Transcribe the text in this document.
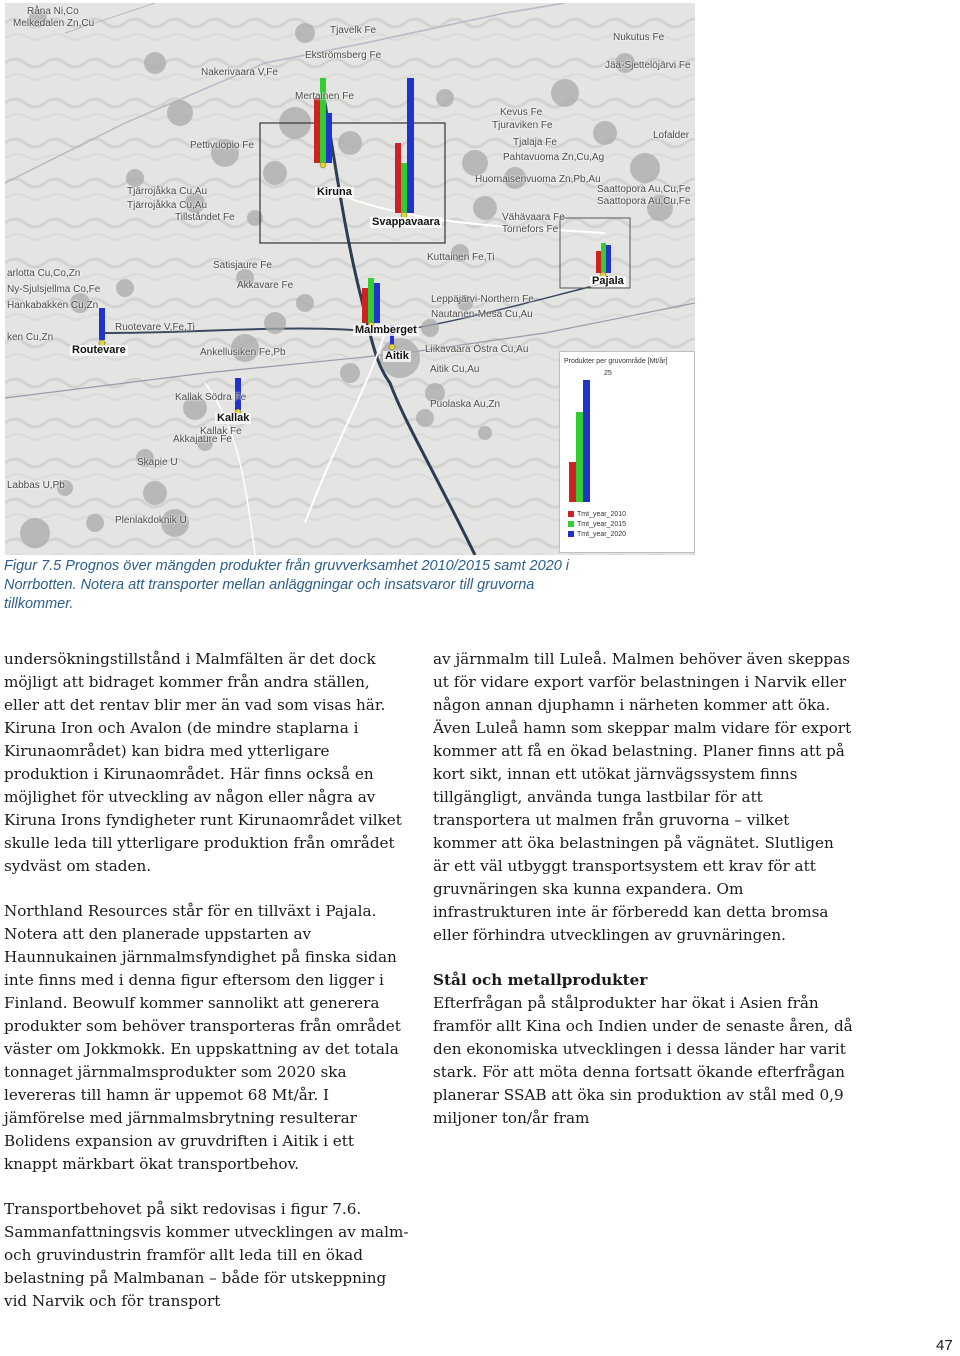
Råna Ni,Co
Melkedalen Zn,Cu
Tjavelk Fe
Nakerivaara V,Fe
Pettivuopio Fe
Tjärrojåkka Cu,Au
Tjärrojåkka Cu,Au
Tillståndet Fe
Kiruna
Svappavaara
Pajala
Routevare
Malmberget
Aitik
Kallak
Satisjaure Fe
Akkavare Fe
arlotta Cu,Co,Zn
Ny-Sjulsjellma Co,Fe
Hankabakken Cu,Zn
ken Cu,Zn
Ruotevare V,Fe,Ti
Ankellusiken Fe,Pb
Kallak Södra Fe
Akkajaure Fe
Skapie U
Labbas U,Pb
Plenlakdoknik U
Kevus Fe
Tjuraviken Fe
Tjalaja Fe
Pahtavuoma Zn,Cu,Ag
Huornaisenvuoma Zn,Pb,Au
Saattopora Au,Cu,Fe
Saattopora Au,Cu,Fe
Vähävaara Fe
Tornefors Fe
Leppäjärvi-Northern Fe
Nautanen-Mesa Cu,Au
Liikavaara Östra Cu,Au
Aitik Cu,Au
Puolaska Au,Zn
Mertainen Fe
Ekströmsberg Fe
Jää-Sjettelöjärvi Fe
Nukutus Fe
Lofalder
Kuttainen Fe,Ti
Kallak Fe
Produkter per gruvområde [Mt/år]
25
Tmt_year_2010
Tmt_year_2015
Tmt_year_2020

Figur 7.5 Prognos över mängden produkter från gruvverksamhet 2010/2015 samt 2020 i Norrbotten. Notera att transporter mellan anläggningar och insatsvaror till gruvorna tillkommer.

undersökningstillstånd i Malmfälten är det dock möjligt att bidraget kommer från andra ställen, eller att det rentav blir mer än vad som visas här. Kiruna Iron och Avalon (de mindre staplarna i Kirunaområdet) kan bidra med ytterligare produktion i Kirunaområdet. Här finns också en möjlighet för utveckling av någon eller några av Kiruna Irons fyndigheter runt Kirunaområdet vilket skulle leda till ytterligare produktion från området sydväst om staden.

Northland Resources står för en tillväxt i Pajala. Notera att den planerade uppstarten av Haunnukainen järnmalmsfyndighet på finska sidan inte finns med i denna figur eftersom den ligger i Finland. Beowulf kommer sannolikt att generera produkter som behöver transporteras från området väster om Jokkmokk. En uppskattning av det totala tonnaget järnmalmsprodukter som 2020 ska levereras till hamn är uppemot 68 Mt/år. I jämförelse med järnmalmsbrytning resulterar Bolidens expansion av gruvdriften i Aitik i ett knappt märkbart ökat transportbehov.

Transportbehovet på sikt redovisas i figur 7.6. Sammanfattningsvis kommer utvecklingen av malm- och gruvindustrin framför allt leda till en ökad belastning på Malmbanan – både för utskeppning vid Narvik och för transport

av järnmalm till Luleå. Malmen behöver även skeppas ut för vidare export varför belastningen i Narvik eller någon annan djuphamn i närheten kommer att öka. Även Luleå hamn som skeppar malm vidare för export kommer att få en ökad belastning. Planer finns att på kort sikt, innan ett utökat järnvägssystem finns tillgängligt, använda tunga lastbilar för att transportera ut malmen från gruvorna – vilket kommer att öka belastningen på vägnätet. Slutligen är ett väl utbyggt transportsystem ett krav för att gruvnäringen ska kunna expandera. Om infrastrukturen inte är förberedd kan detta bromsa eller förhindra utvecklingen av gruvnäringen.

Stål och metallprodukter

Efterfrågan på stålprodukter har ökat i Asien från framför allt Kina och Indien under de senaste åren, då den ekonomiska utvecklingen i dessa länder har varit stark. För att möta denna fortsatt ökande efterfrågan planerar SSAB att öka sin produktion av stål med 0,9 miljoner ton/år fram

47
